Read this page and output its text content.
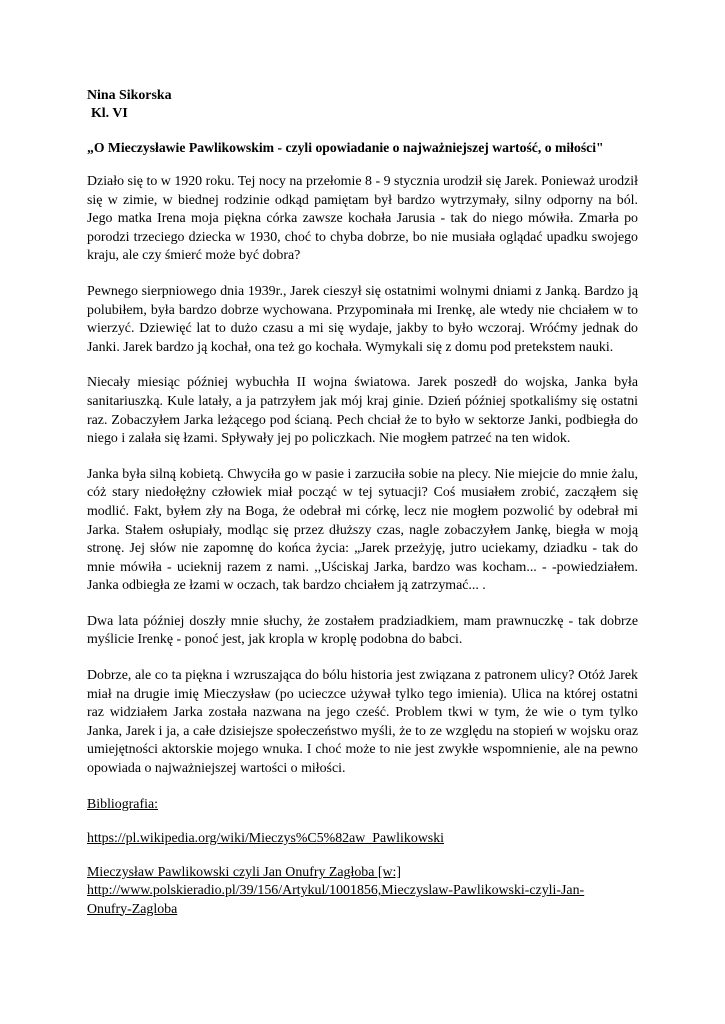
Nina Sikorska

Kl. VI

„O Mieczysławie Pawlikowskim - czyli opowiadanie o najważniejszej wartość, o miłości"

Działo się to w 1920 roku. Tej nocy na przełomie 8 - 9 stycznia urodził się Jarek. Ponieważ urodził się w zimie, w biednej rodzinie odkąd pamiętam był bardzo wytrzymały, silny odporny na ból. Jego matka Irena moja piękna córka zawsze kochała Jarusia - tak do niego mówiła. Zmarła po porodzi trzeciego dziecka w 1930, choć to chyba dobrze, bo nie musiała oglądać upadku swojego kraju, ale czy śmierć może być dobra?

Pewnego sierpniowego dnia 1939r., Jarek cieszył się ostatnimi wolnymi dniami z Janką. Bardzo ją polubiłem, była bardzo dobrze wychowana. Przypominała mi Irenkę, ale wtedy nie chciałem w to wierzyć. Dziewięć lat to dużo czasu a mi się wydaje, jakby to było wczoraj. Wróćmy jednak do Janki. Jarek bardzo ją kochał, ona też go kochała. Wymykali się z domu pod pretekstem nauki.

Niecały miesiąc później wybuchła II wojna światowa. Jarek poszedł do wojska, Janka była sanitariuszką. Kule latały, a ja patrzyłem jak mój kraj ginie. Dzień później spotkaliśmy się ostatni raz. Zobaczyłem Jarka leżącego pod ścianą. Pech chciał że to było w sektorze Janki, podbiegła do niego i zalała się łzami. Spływały jej po policzkach. Nie mogłem patrzeć na ten widok.

Janka była silną kobietą. Chwyciła go w pasie i zarzuciła sobie na plecy. Nie miejcie do mnie żalu, cóż stary niedołężny człowiek miał począć w tej sytuacji? Coś musiałem zrobić, zacząłem się modlić. Fakt, byłem zły na Boga, że odebrał mi córkę, lecz nie mogłem pozwolić by odebrał mi Jarka. Stałem osłupiały, modląc się przez dłuższy czas, nagle zobaczyłem Jankę, biegła w moją stronę. Jej słów nie zapomnę do końca życia: „Jarek przeżyję, jutro uciekamy, dziadku - tak do mnie mówiła - ucieknij razem z nami. ,,Uściskaj Jarka, bardzo was kocham... - -powiedziałem. Janka odbiegła ze łzami w oczach, tak bardzo chciałem ją zatrzymać... .

Dwa lata później doszły mnie słuchy, że zostałem pradziadkiem, mam prawnuczkę - tak dobrze myślicie Irenkę - ponoć jest, jak kropla w kroplę podobna do babci.

Dobrze, ale co ta piękna i wzruszająca do bólu historia jest związana z patronem ulicy? Otóż Jarek miał na drugie imię Mieczysław (po ucieczce używał tylko tego imienia). Ulica na której ostatni raz widziałem Jarka została nazwana na jego cześć. Problem tkwi w tym, że wie o tym tylko Janka, Jarek i ja, a całe dzisiejsze społeczeństwo myśli, że to ze względu na stopień w wojsku oraz umiejętności aktorskie mojego wnuka. I choć może to nie jest zwykłe wspomnienie, ale na pewno opowiada o najważniejszej wartości o miłości.

Bibliografia:

https://pl.wikipedia.org/wiki/Mieczys%C5%82aw_Pawlikowski
Mieczysław Pawlikowski czyli Jan Onufry Zagłoba [w:]
http://www.polskieradio.pl/39/156/Artykul/1001856,Mieczyslaw-Pawlikowski-czyli-Jan-
Onufry-Zagloba
